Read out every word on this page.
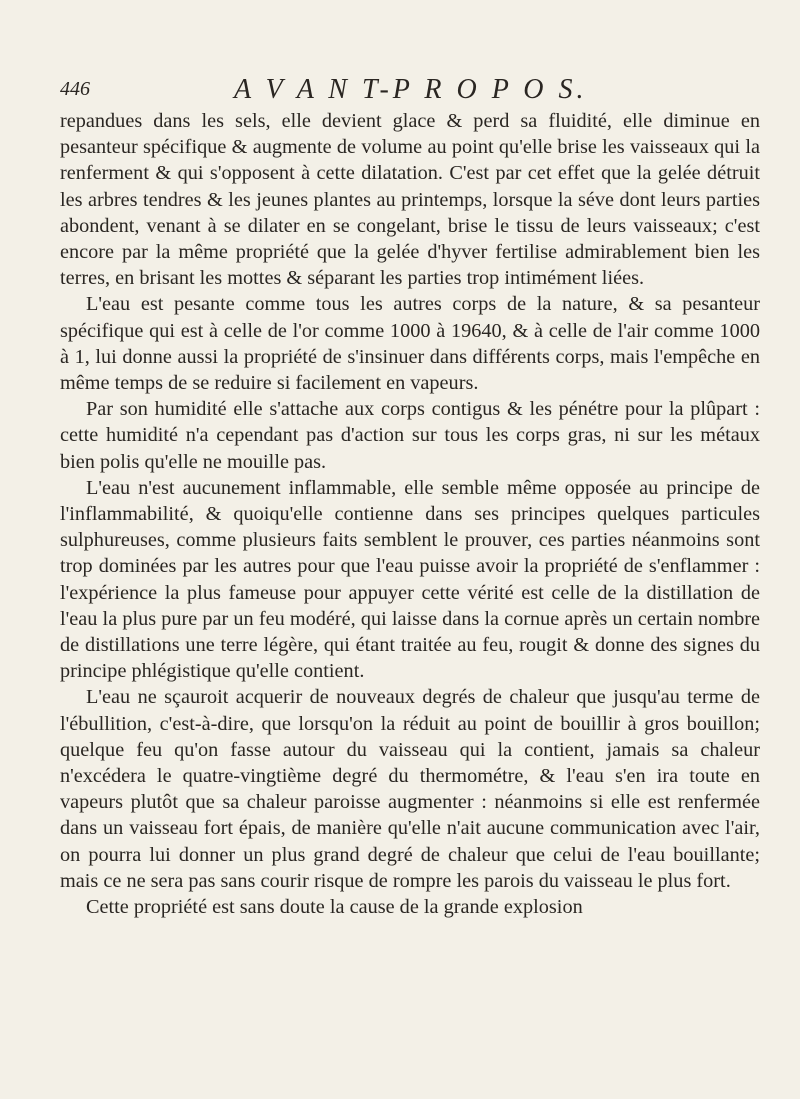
446	A V A N T-P R O P O S.

repandues dans les sels, elle devient glace & perd sa fluidité, elle diminue en pesanteur spécifique & augmente de volume au point qu'elle brise les vaisseaux qui la renferment & qui s'opposent à cette dilatation. C'est par cet effet que la gelée détruit les arbres tendres & les jeunes plantes au printemps, lorsque la séve dont leurs parties abondent, venant à se dilater en se congelant, brise le tissu de leurs vaisseaux; c'est encore par la même propriété que la gelée d'hyver fertilise admirablement bien les terres, en brisant les mottes & séparant les parties trop intimément liées.

L'eau est pesante comme tous les autres corps de la nature, & sa pesanteur spécifique qui est à celle de l'or comme 1000 à 19640, & à celle de l'air comme 1000 à 1, lui donne aussi la propriété de s'insinuer dans différents corps, mais l'empêche en même temps de se reduire si facilement en vapeurs.

Par son humidité elle s'attache aux corps contigus & les pénétre pour la plûpart : cette humidité n'a cependant pas d'action sur tous les corps gras, ni sur les métaux bien polis qu'elle ne mouille pas.

L'eau n'est aucunement inflammable, elle semble même opposée au principe de l'inflammabilité, & quoiqu'elle contienne dans ses principes quelques particules sulphureuses, comme plusieurs faits semblent le prouver, ces parties néanmoins sont trop dominées par les autres pour que l'eau puisse avoir la propriété de s'enflammer : l'expérience la plus fameuse pour appuyer cette vérité est celle de la distillation de l'eau la plus pure par un feu modéré, qui laisse dans la cornue après un certain nombre de distillations une terre légère, qui étant traitée au feu, rougit & donne des signes du principe phlégistique qu'elle contient.

L'eau ne sçauroit acquerir de nouveaux degrés de chaleur que jusqu'au terme de l'ébullition, c'est-à-dire, que lorsqu'on la réduit au point de bouillir à gros bouillon; quelque feu qu'on fasse autour du vaisseau qui la contient, jamais sa chaleur n'excédera le quatre-vingtième degré du thermométre, & l'eau s'en ira toute en vapeurs plutôt que sa chaleur paroisse augmenter : néanmoins si elle est renfermée dans un vaisseau fort épais, de manière qu'elle n'ait aucune communication avec l'air, on pourra lui donner un plus grand degré de chaleur que celui de l'eau bouillante; mais ce ne sera pas sans courir risque de rompre les parois du vaisseau le plus fort.

Cette propriété est sans doute la cause de la grande explosion
